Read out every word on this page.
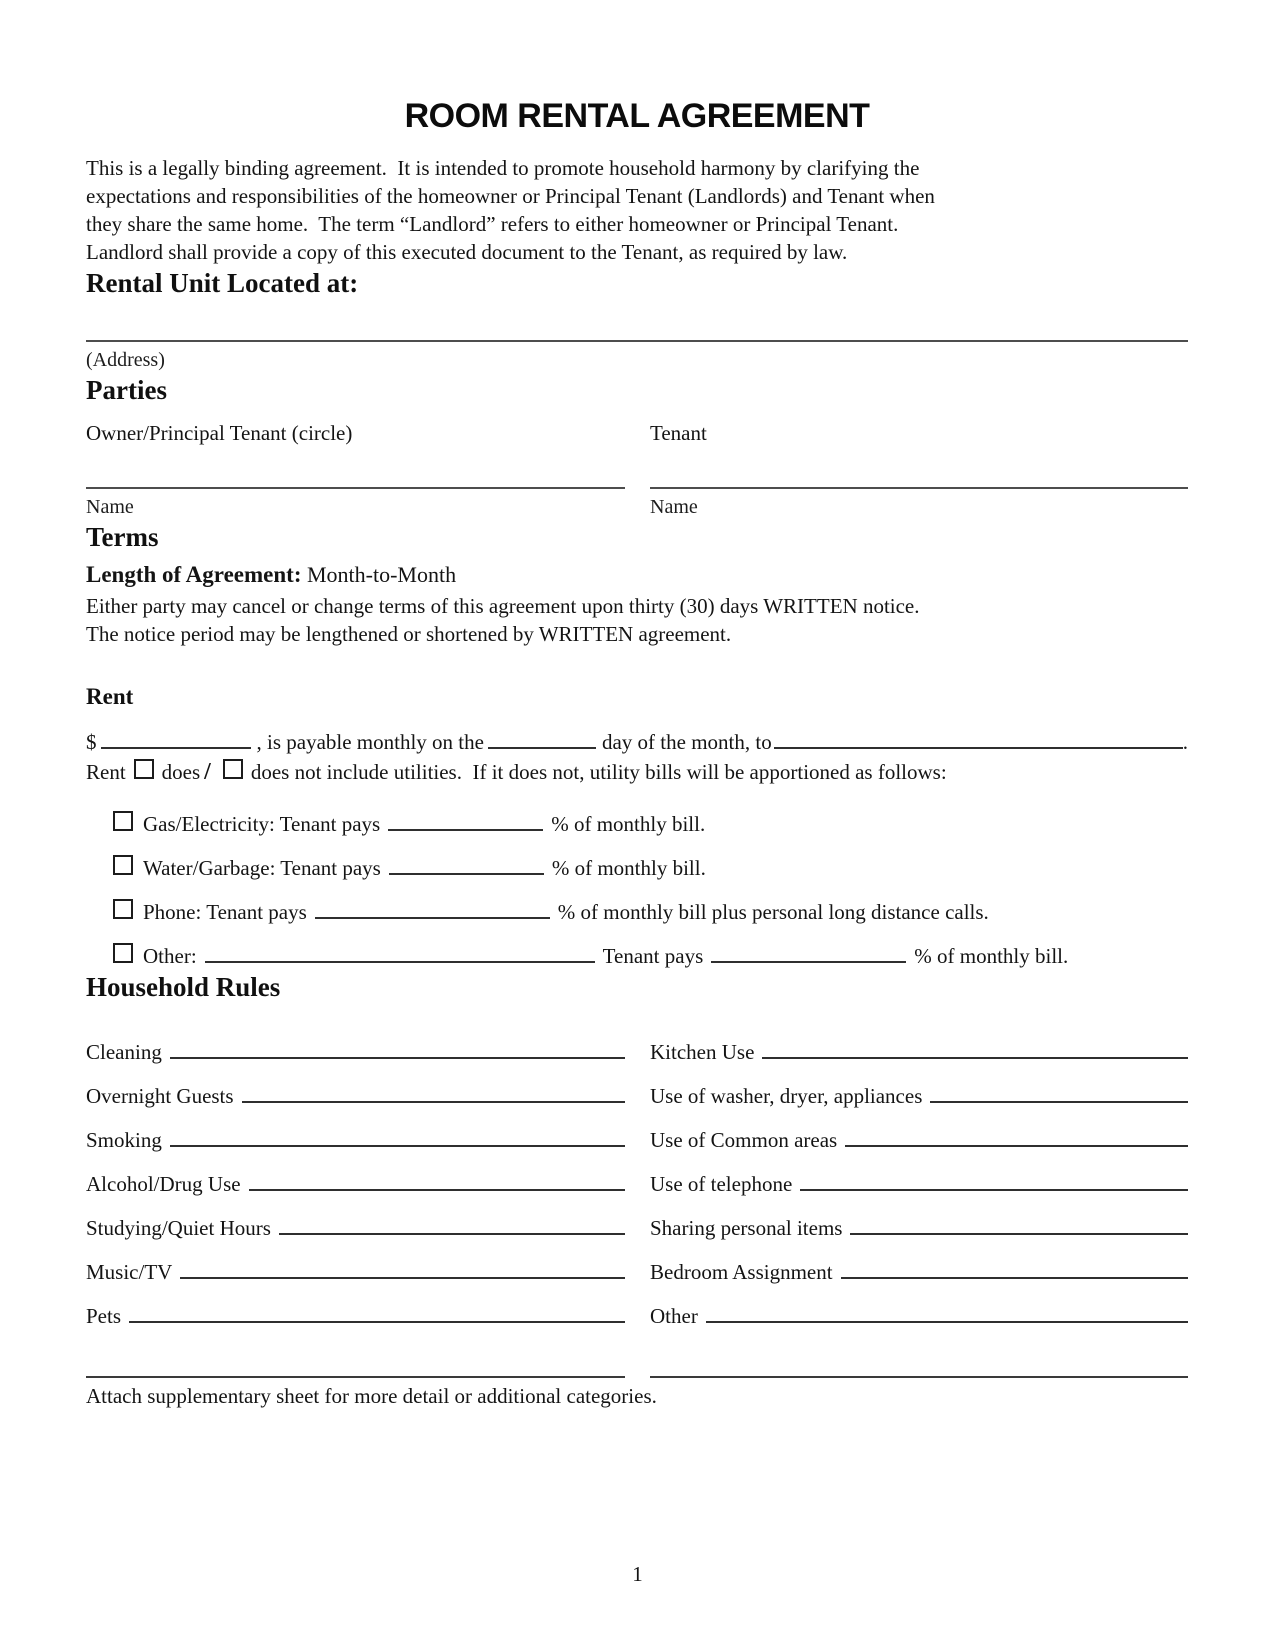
ROOM RENTAL AGREEMENT
This is a legally binding agreement.  It is intended to promote household harmony by clarifying the
expectations and responsibilities of the homeowner or Principal Tenant (Landlords) and Tenant when
they share the same home.  The term “Landlord” refers to either homeowner or Principal Tenant.
Landlord shall provide a copy of this executed document to the Tenant, as required by law.
Rental Unit Located at:
(Address)
Parties
Owner/Principal Tenant (circle)
Name
Tenant
Name
Terms
Length of Agreement: Month-to-Month
Either party may cancel or change terms of this agreement upon thirty (30) days WRITTEN notice.
The notice period may be lengthened or shortened by WRITTEN agreement.
Rent
$	, is payable monthly on the	day of the month, to	.
Rent does / does not include utilities.  If it does not, utility bills will be apportioned as follows:
Gas/Electricity: Tenant pays	% of monthly bill.
Water/Garbage: Tenant pays	% of monthly bill.
Phone: Tenant pays	% of monthly bill plus personal long distance calls.
Other:	Tenant pays	% of monthly bill.
Household Rules
Cleaning	Kitchen Use
Overnight Guests	Use of washer, dryer, appliances
Smoking	Use of Common areas
Alcohol/Drug Use	Use of telephone
Studying/Quiet Hours	Sharing personal items
Music/TV	Bedroom Assignment
Pets	Other
Attach supplementary sheet for more detail or additional categories.
1
